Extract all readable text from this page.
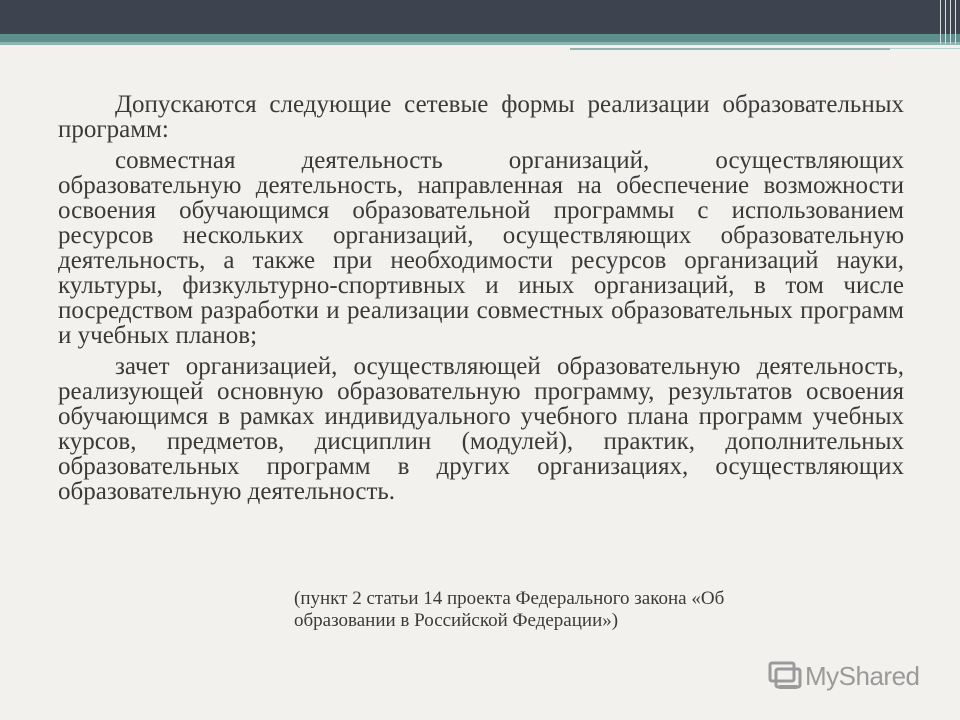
Допускаются следующие сетевые формы реализации образовательных программ:

совместная деятельность организаций, осуществляющих образовательную деятельность, направленная на обеспечение возможности освоения обучающимся образовательной программы с использованием ресурсов нескольких организаций, осуществляющих образовательную деятельность, а также при необходимости ресурсов организаций науки, культуры, физкультурно-спортивных и иных организаций, в том числе посредством разработки и реализации совместных образовательных программ и учебных планов;

зачет организацией, осуществляющей образовательную деятельность, реализующей основную образовательную программу, результатов освоения обучающимся в рамках индивидуального учебного плана программ учебных курсов, предметов, дисциплин (модулей), практик, дополнительных образовательных программ в других организациях, осуществляющих образовательную деятельность.

(пункт 2 статьи 14 проекта Федерального закона «Об
образовании в Российской Федерации»)
MyShared
